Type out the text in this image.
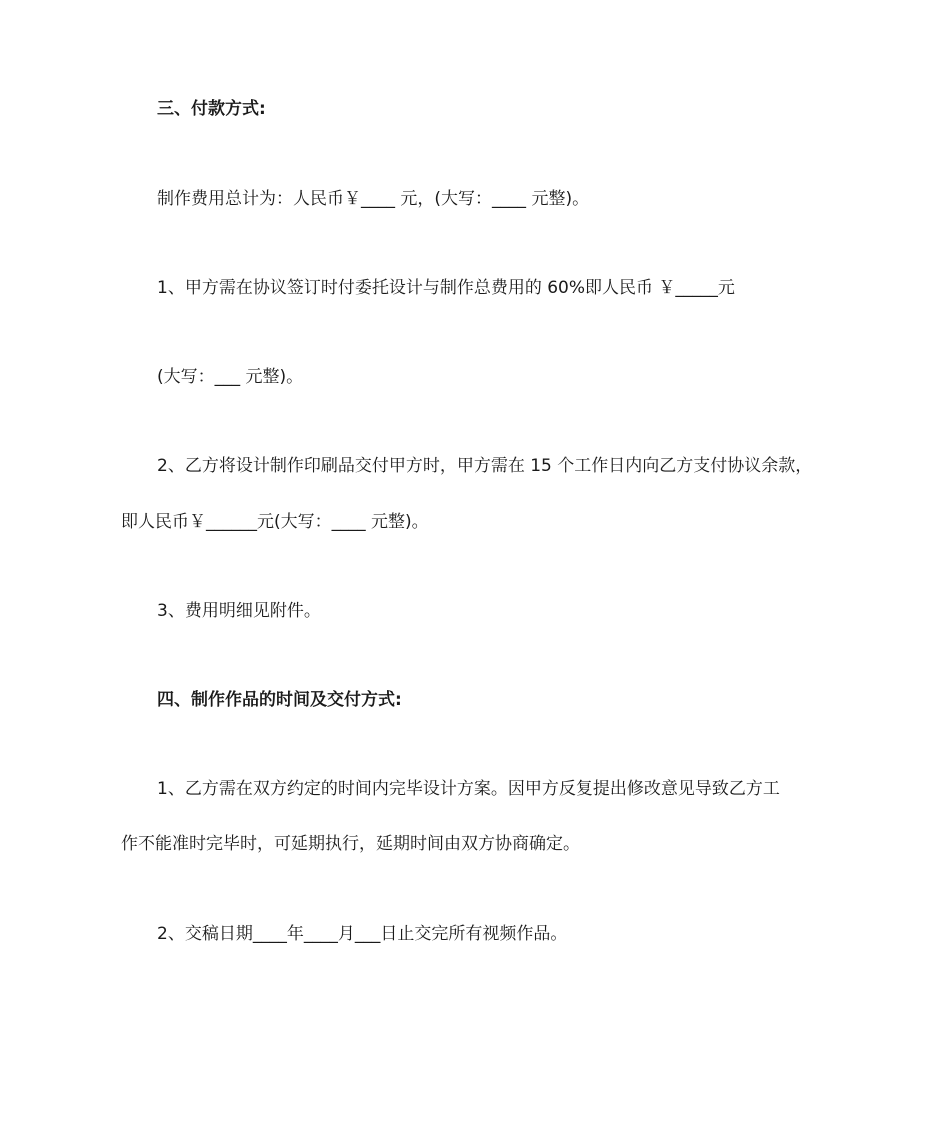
三、付款方式:
制作费用总计为：人民币￥____ 元，(大写：____ 元整)。
1、甲方需在协议签订时付委托设计与制作总费用的 60%即人民币 ￥_____元
(大写：___ 元整)。
2、乙方将设计制作印刷品交付甲方时，甲方需在 15 个工作日内向乙方支付协议余款，
即人民币￥______元(大写：____ 元整)。
3、费用明细见附件。
四、制作作品的时间及交付方式:
1、乙方需在双方约定的时间内完毕设计方案。因甲方反复提出修改意见导致乙方工
作不能准时完毕时，可延期执行，延期时间由双方协商确定。
2、交稿日期____年____月___日止交完所有视频作品。
